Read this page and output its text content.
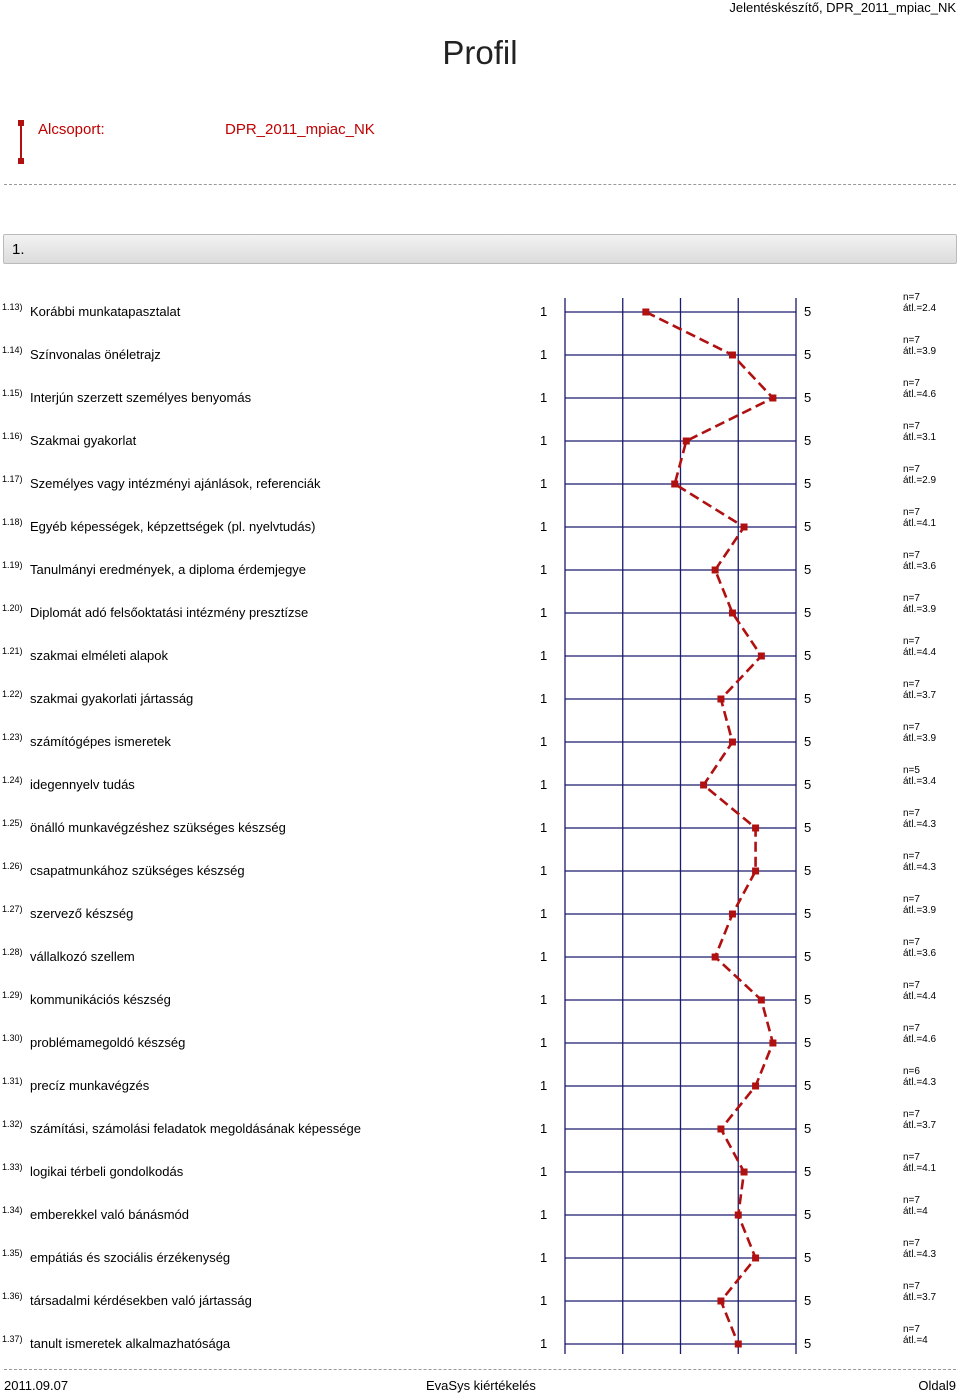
Jelentéskészítő, DPR_2011_mpiac_NK
Profil
Alcsoport:	DPR_2011_mpiac_NK
1.
1.13) Korábbi munkatapasztalat	1	5
n=7
átl.=2.4
1.14) Színvonalas önéletrajz	1	5
n=7
átl.=3.9
1.15) Interjún szerzett személyes benyomás	1	5
n=7
átl.=4.6
1.16) Szakmai gyakorlat	1	5
n=7
átl.=3.1
1.17) Személyes vagy intézményi ajánlások, referenciák	1	5
n=7
átl.=2.9
1.18) Egyéb képességek, képzettségek (pl. nyelvtudás)	1	5
n=7
átl.=4.1
1.19) Tanulmányi eredmények, a diploma érdemjegye	1	5
n=7
átl.=3.6
1.20) Diplomát adó felsőoktatási intézmény presztízse	1	5
n=7
átl.=3.9
1.21) szakmai elméleti alapok	1	5
n=7
átl.=4.4
1.22) szakmai gyakorlati jártasság	1	5
n=7
átl.=3.7
1.23) számítógépes ismeretek	1	5
n=7
átl.=3.9
1.24) idegennyelv tudás	1	5
n=5
átl.=3.4
1.25) önálló munkavégzéshez szükséges készség	1	5
n=7
átl.=4.3
1.26) csapatmunkához szükséges készség	1	5
n=7
átl.=4.3
1.27) szervező készség	1	5
n=7
átl.=3.9
1.28) vállalkozó szellem	1	5
n=7
átl.=3.6
1.29) kommunikációs készség	1	5
n=7
átl.=4.4
1.30) problémamegoldó készség	1	5
n=7
átl.=4.6
1.31) precíz munkavégzés	1	5
n=6
átl.=4.3
1.32) számítási, számolási feladatok megoldásának képessége	1	5
n=7
átl.=3.7
1.33) logikai térbeli gondolkodás	1	5
n=7
átl.=4.1
1.34) emberekkel való bánásmód	1	5
n=7
átl.=4
1.35) empátiás és szociális érzékenység	1	5
n=7
átl.=4.3
1.36) társadalmi kérdésekben való jártasság	1	5
n=7
átl.=3.7
1.37) tanult ismeretek alkalmazhatósága	1	5
n=7
átl.=4
2011.09.07	EvaSys kiértékelés	Oldal9
